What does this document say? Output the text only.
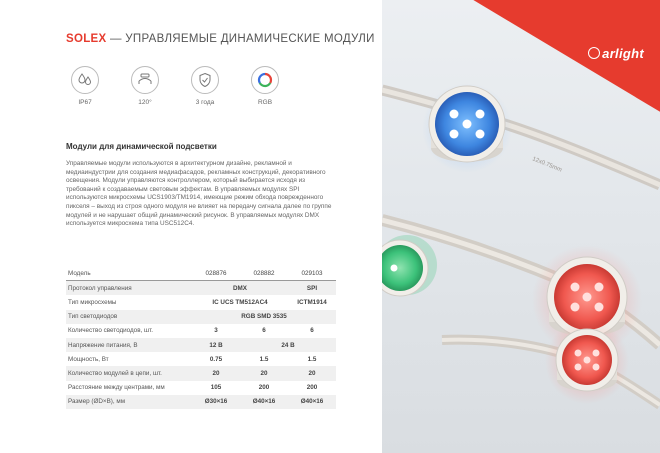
SOLEX — УПРАВЛЯЕМЫЕ ДИНАМИЧЕСКИЕ МОДУЛИ
IP67	120°	3 года	RGB
Модули для динамической подсветки

Управляемые модули используются в архитектурном дизайне, рекламной и медиаиндустрии для создания медиафасадов, рекламных конструкций, декоративного освещения. Модули управляются контроллером, который выбирается исходя из требований к создаваемым световым эффектам. В управляемых модулях SPI используются микросхемы UCS1903/TM1914, имеющие режим обхода поврежденного пикселя – выход из строя одного модуля не влияет на передачу сигнала далее по группе модулей и не нарушает общий динамический рисунок. В управляемых модулях DMX используется микросхема типа USC512C4.

Модель	028876	028882	029103
Протокол управления	DMX		SPI
Тип микросхемы	IC UCS TM512AC4		ICTM1914
Тип светодиодов	RGB SMD 3535		
Количество светодиодов, шт.	3	6	6
Напряжение питания, В	12 В	24 В	
Мощность, Вт	0.75	1.5	1.5
Количество модулей в цепи, шт.	20	20	20
Расстояние между центрами, мм	105	200	200
Размер (ØD×В), мм	Ø30×16	Ø40×16	Ø40×16
12x0.75mm
arlight
